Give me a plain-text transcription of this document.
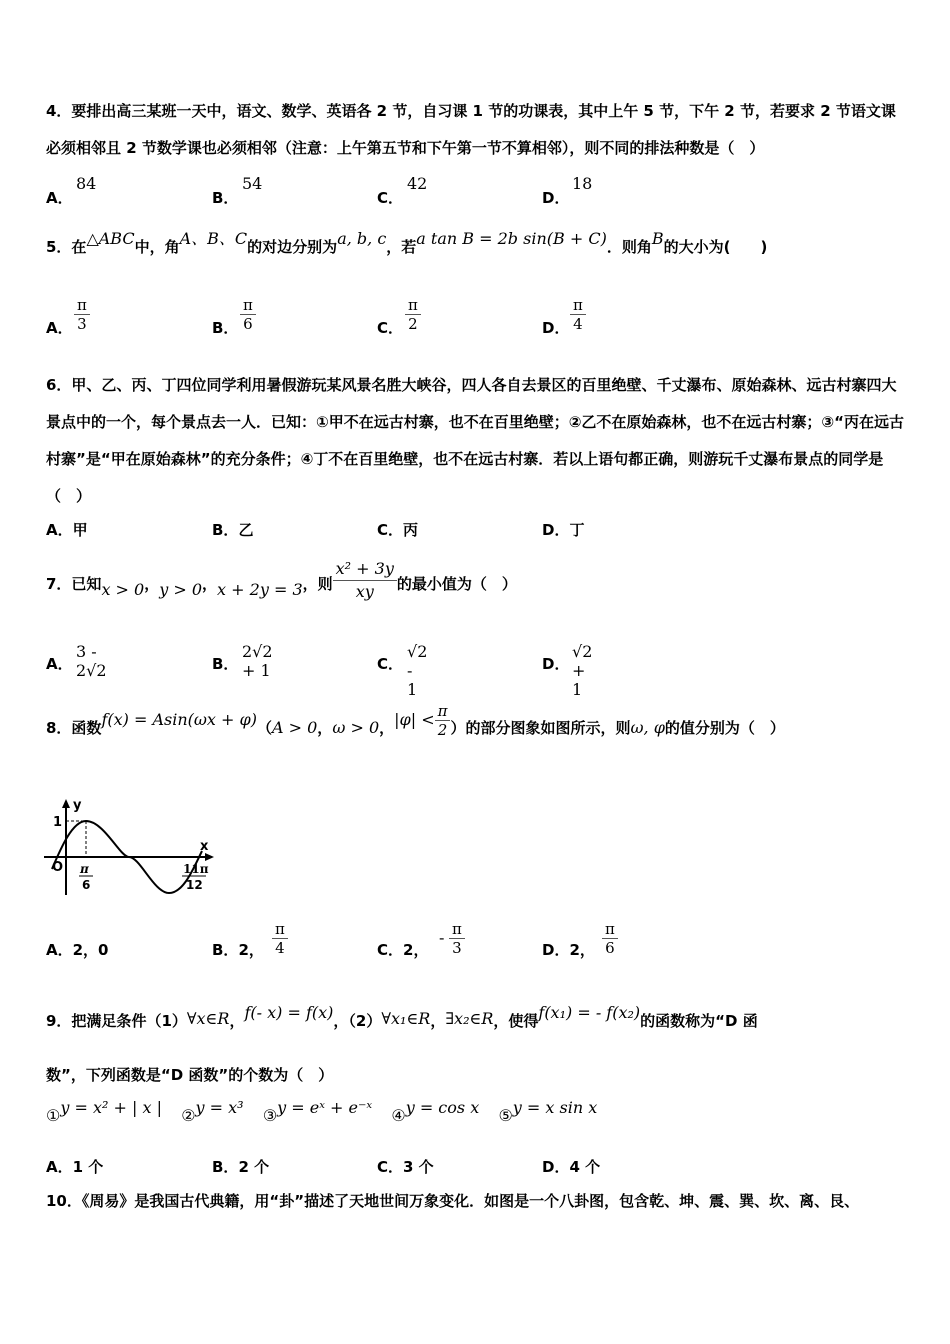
4．要排出高三某班一天中，语文、数学、英语各 2 节，自习课 1 节的功课表，其中上午 5 节，下午 2 节，若要求 2 节语文课必须相邻且 2 节数学课也必须相邻（注意：上午第五节和下午第一节不算相邻），则不同的排法种数是（　）
A．
84
B．
54
C．
42
D．
18
5．在△ABC中，角A、B、C的对边分别为a, b, c，若a tan B = 2b sin(B + C)．则角B的大小为(　　)
A． $\frac{\pi}{3}$	B． $\frac{\pi}{6}$	C． $\frac{\pi}{2}$	D． $\frac{\pi}{4}$
6．甲、乙、丙、丁四位同学利用暑假游玩某风景名胜大峡谷，四人各自去景区的百里绝壁、千丈瀑布、原始森林、远古村寨四大景点中的一个，每个景点去一人．已知：①甲不在远古村寨，也不在百里绝壁；②乙不在原始森林，也不在远古村寨；③“丙在远古村寨”是“甲在原始森林”的充分条件；④丁不在百里绝壁，也不在远古村寨．若以上语句都正确，则游玩千丈瀑布景点的同学是（　）
A．甲	B．乙	C．丙	D．丁
7．已知x > 0，y > 0，x + 2y = 3，则 $\frac{\text{x² + 3y}}{xy}$ 的最小值为（　）
A．
3 - 2√2	B．
2√2 + 1	C．
√2 - 1
D．
√2 + 1
8．函数f(x) = Asin(ωx + φ)（A > 0，ω > 0，$|\varphi| < \frac{\pi}{2}$ ）的部分图象如图所示，则ω, φ的值分别为（　）
y
x
O
1
π
6
11π
12
A．2，0	B．2， $\frac{\pi}{4}$	C．2，
- $\frac{\pi}{3}$	D．2， $\frac{\pi}{6}$
9．把满足条件（1）∀x∈R，f(- x) = f(x)，（2）∀x₁∈R，∃x₂∈R，使得f(x₁) = - f(x₂)的函数称为“D 函
数”，下列函数是“D 函数”的个数为（　）
①y = x² + | x | ②y = x³ ③y = eˣ + e⁻ˣ ④y = cos x ⑤y = x sin x
A．1 个	B．2 个	C．3 个	D．4 个
10．《周易》是我国古代典籍，用“卦”描述了天地世间万象变化．如图是一个八卦图，包含乾、坤、震、巽、坎、离、艮、
